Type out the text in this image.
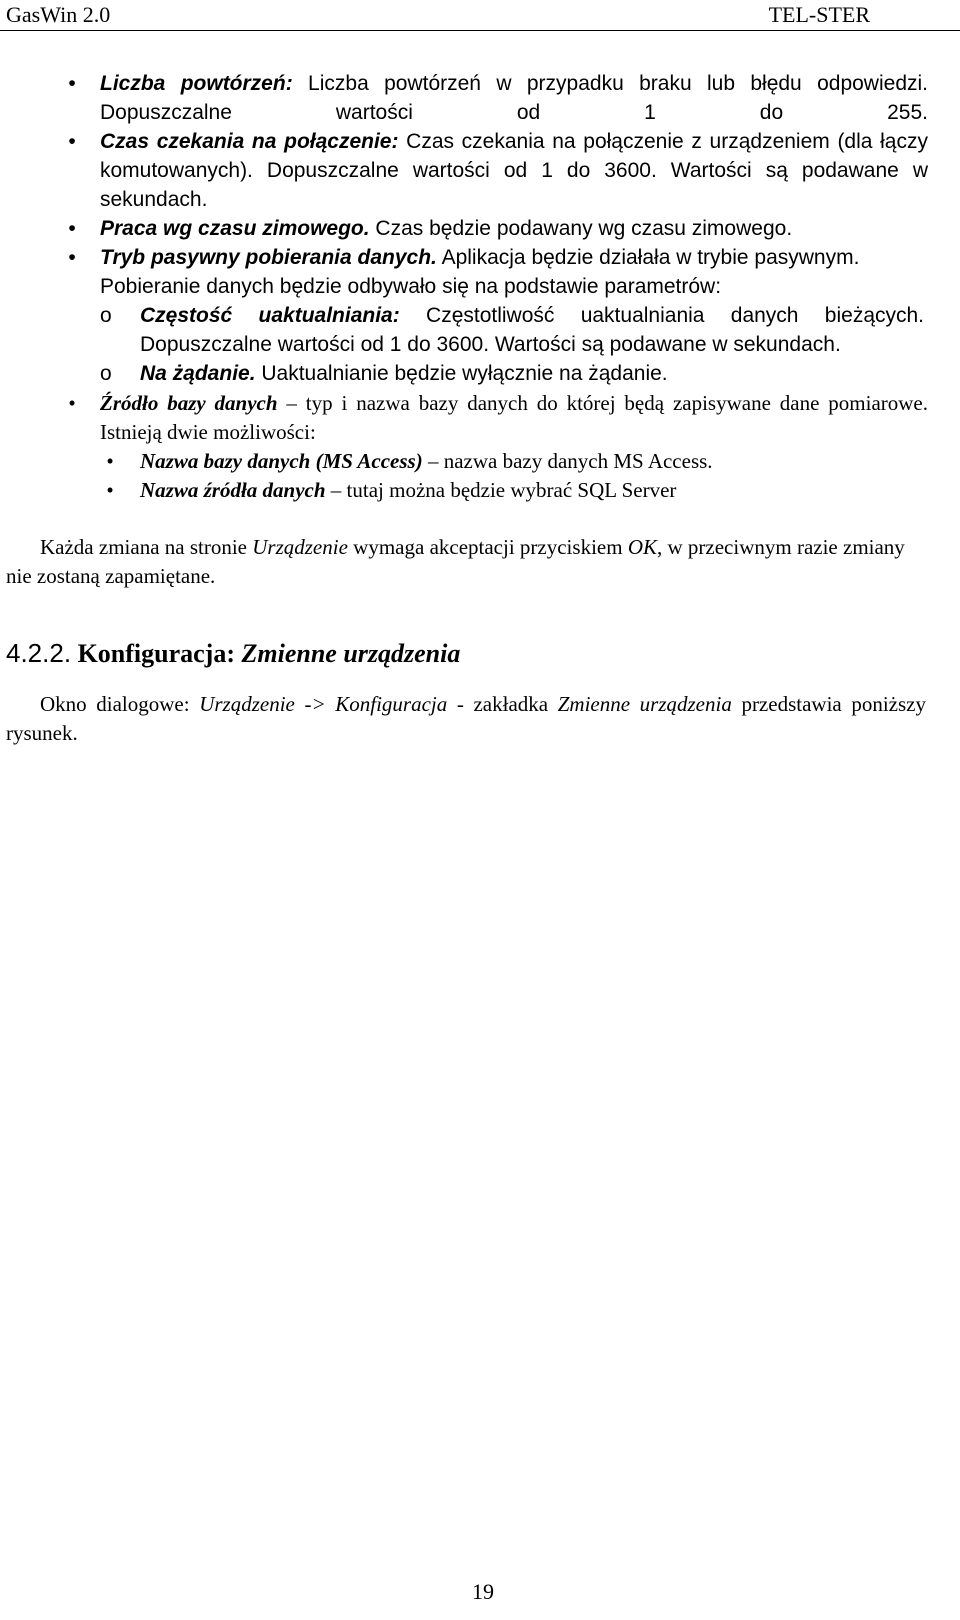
GasWin 2.0	TEL-STER
•	Liczba powtórzeń: Liczba powtórzeń w przypadku braku lub błędu odpowiedzi. Dopuszczalne wartości od 1 do 255.
•	Czas czekania na połączenie: Czas czekania na połączenie z urządzeniem (dla łączy komutowanych). Dopuszczalne wartości od 1 do 3600. Wartości są podawane w sekundach.
•	Praca wg czasu zimowego. Czas będzie podawany wg czasu zimowego.
•	Tryb pasywny pobierania danych. Aplikacja będzie działała w trybie pasywnym.
Pobieranie danych będzie odbywało się na podstawie parametrów:
o Częstość uaktualniania: Częstotliwość uaktualniania danych bieżących.
Dopuszczalne wartości od 1 do 3600. Wartości są podawane w sekundach.
o Na żądanie. Uaktualnianie będzie wyłącznie na żądanie.
•	Źródło bazy danych – typ i nazwa bazy danych do której będą zapisywane dane pomiarowe.
Istnieją dwie możliwości:
•	Nazwa bazy danych (MS Access) – nazwa bazy danych MS Access.
•	Nazwa źródła danych – tutaj można będzie wybrać SQL Server
Każda zmiana na stronie Urządzenie wymaga akceptacji przyciskiem OK, w przeciwnym razie zmiany nie zostaną zapamiętane.
4.2.2. Konfiguracja: Zmienne urządzenia
Okno dialogowe: Urządzenie -> Konfiguracja - zakładka Zmienne urządzenia przedstawia poniższy rysunek.
19
